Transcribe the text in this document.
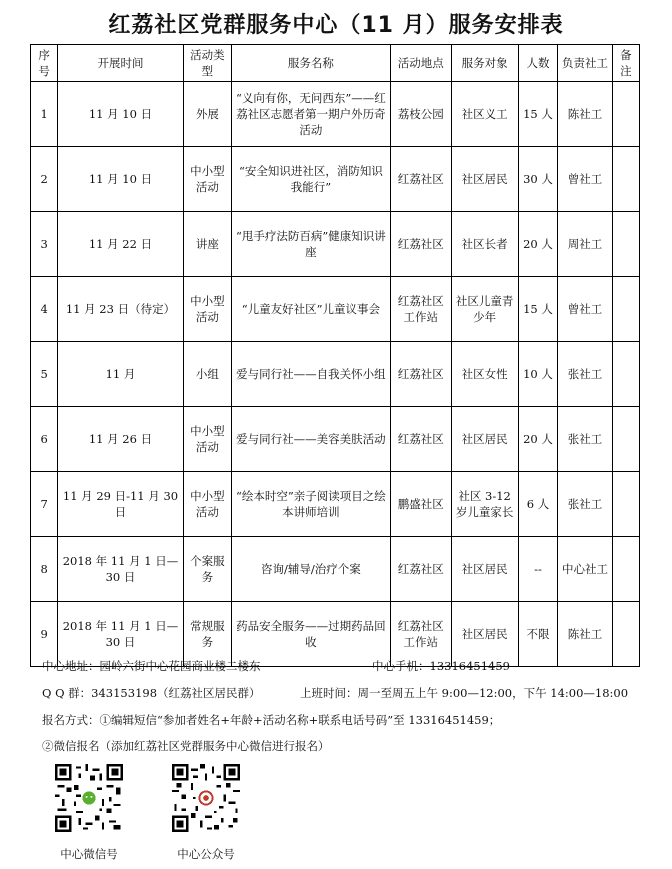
红荔社区党群服务中心（11 月）服务安排表
序号	开展时间	活动类型	服务名称	活动地点	服务对象	人数	负责社工	备注
1	11 月 10 日	外展	“义向有你，无问西东”——红荔社区志愿者第一期户外历奇活动	荔枝公园	社区义工	15 人	陈社工	
2	11 月 10 日	中小型活动	“安全知识进社区，消防知识我能行”	红荔社区	社区居民	30 人	曾社工	
3	11 月 22 日	讲座	“甩手疗法防百病”健康知识讲座	红荔社区	社区长者	20 人	周社工	
4	11 月 23 日（待定）	中小型活动	“儿童友好社区”儿童议事会	红荔社区工作站	社区儿童青少年	15 人	曾社工	
5	11 月	小组	爱与同行社——自我关怀小组	红荔社区	社区女性	10 人	张社工	
6	11 月 26 日	中小型活动	爱与同行社——美容美肤活动	红荔社区	社区居民	20 人	张社工	
7	11 月 29 日-11 月 30 日	中小型活动	“绘本时空”亲子阅读项目之绘本讲师培训	鹏盛社区	社区 3-12 岁儿童家长	6 人	张社工	
8	2018 年 11 月 1 日—30 日	个案服务	咨询/辅导/治疗个案	红荔社区	社区居民	--	中心社工	
9	2018 年 11 月 1 日—30 日	常规服务	药品安全服务——过期药品回收	红荔社区工作站	社区居民	不限	陈社工	
中心地址：园岭六街中心花园商业楼二楼东	中心手机：13316451459
Q Q 群：343153198（红荔社区居民群）	上班时间：周一至周五上午 9:00—12:00，下午 14:00—18:00
报名方式：①编辑短信“参加者姓名+年龄+活动名称+联系电话号码”至 13316451459；
②微信报名（添加红荔社区党群服务中心微信进行报名）
中心微信号	中心公众号
